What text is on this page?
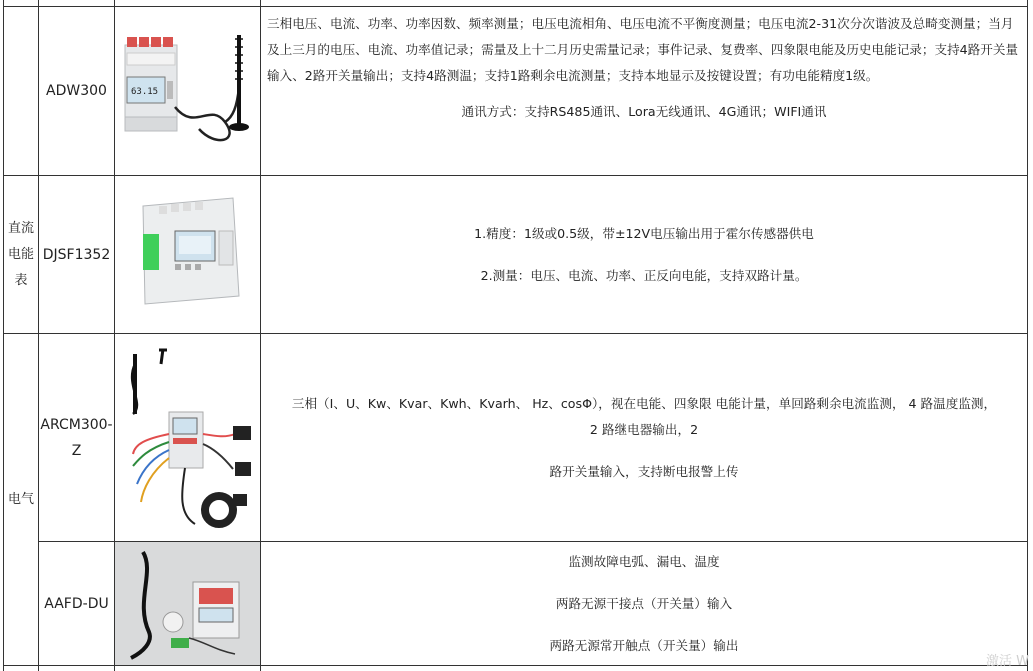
ADW300	63.15

三相电压、电流、功率、功率因数、频率测量；电压电流相角、电压电流不平衡度测量；电压电流2-31次分次谐波及总畸变测量；当月及上三月的电压、电流、功率值记录；需量及上十二月历史需量记录；事件记录、复费率、四象限电能及历史电能记录；支持4路开关量输入、2路开关量输出；支持4路测温；支持1路剩余电流测量；支持本地显示及按键设置；有功电能精度1级。

通讯方式：支持RS485通讯、Lora无线通讯、4G通讯；WIFI通讯

直流
电能
表
DJSF1352

1.精度：1级或0.5级，带±12V电压输出用于霍尔传感器供电

2.测量：电压、电流、功率、正反向电能，支持双路计量。

电气
ARCM300-
Z

三相（I、U、Kw、Kvar、Kwh、Kvarh、 Hz、cosΦ），视在电能、四象限 电能计量，单回路剩余电流监测， 4 路温度监测，

2 路继电器输出，2

路开关量输入，支持断电报警上传

AAFD-DU

监测故障电弧、漏电、温度

两路无源干接点（开关量）输入

两路无源常开触点（开关量）输出

激活 W
